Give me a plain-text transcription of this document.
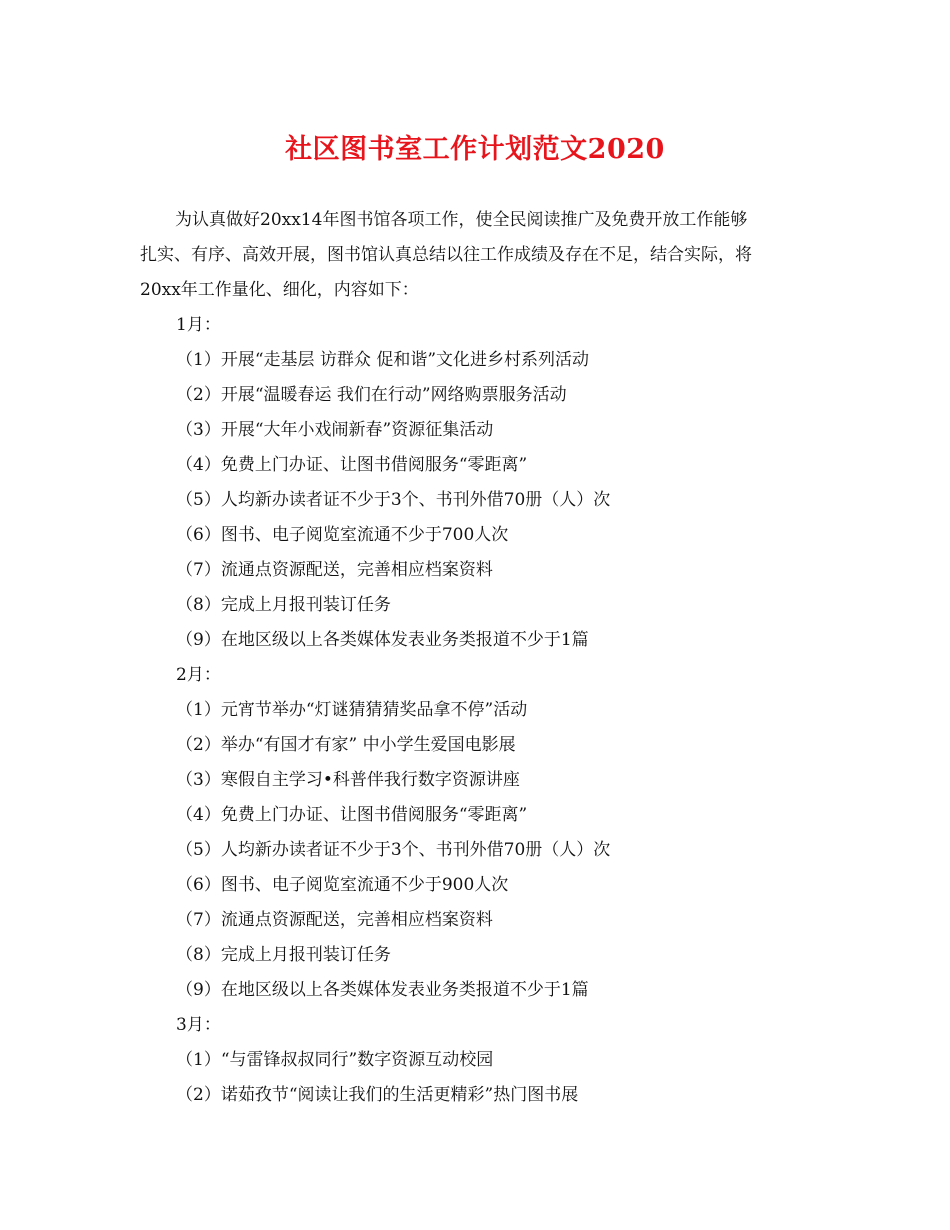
社区图书室工作计划范文2020
为认真做好20xx14年图书馆各项工作，使全民阅读推广及免费开放工作能够
扎实、有序、高效开展，图书馆认真总结以往工作成绩及存在不足，结合实际，将
20xx年工作量化、细化，内容如下：
1月：
（1）开展“走基层 访群众 促和谐”文化进乡村系列活动
（2）开展“温暖春运 我们在行动”网络购票服务活动
（3）开展“大年小戏闹新春”资源征集活动
（4）免费上门办证、让图书借阅服务“零距离”
（5）人均新办读者证不少于3个、书刊外借70册（人）次
（6）图书、电子阅览室流通不少于700人次
（7）流通点资源配送，完善相应档案资料
（8）完成上月报刊装订任务
（9）在地区级以上各类媒体发表业务类报道不少于1篇
2月：
（1）元宵节举办“灯谜猜猜猜奖品拿不停”活动
（2）举办“有国才有家” 中小学生爱国电影展
（3）寒假自主学习•科普伴我行数字资源讲座
（4）免费上门办证、让图书借阅服务“零距离”
（5）人均新办读者证不少于3个、书刊外借70册（人）次
（6）图书、电子阅览室流通不少于900人次
（7）流通点资源配送，完善相应档案资料
（8）完成上月报刊装订任务
（9）在地区级以上各类媒体发表业务类报道不少于1篇
3月：
（1）“与雷锋叔叔同行”数字资源互动校园
（2）诺茹孜节“阅读让我们的生活更精彩”热门图书展
